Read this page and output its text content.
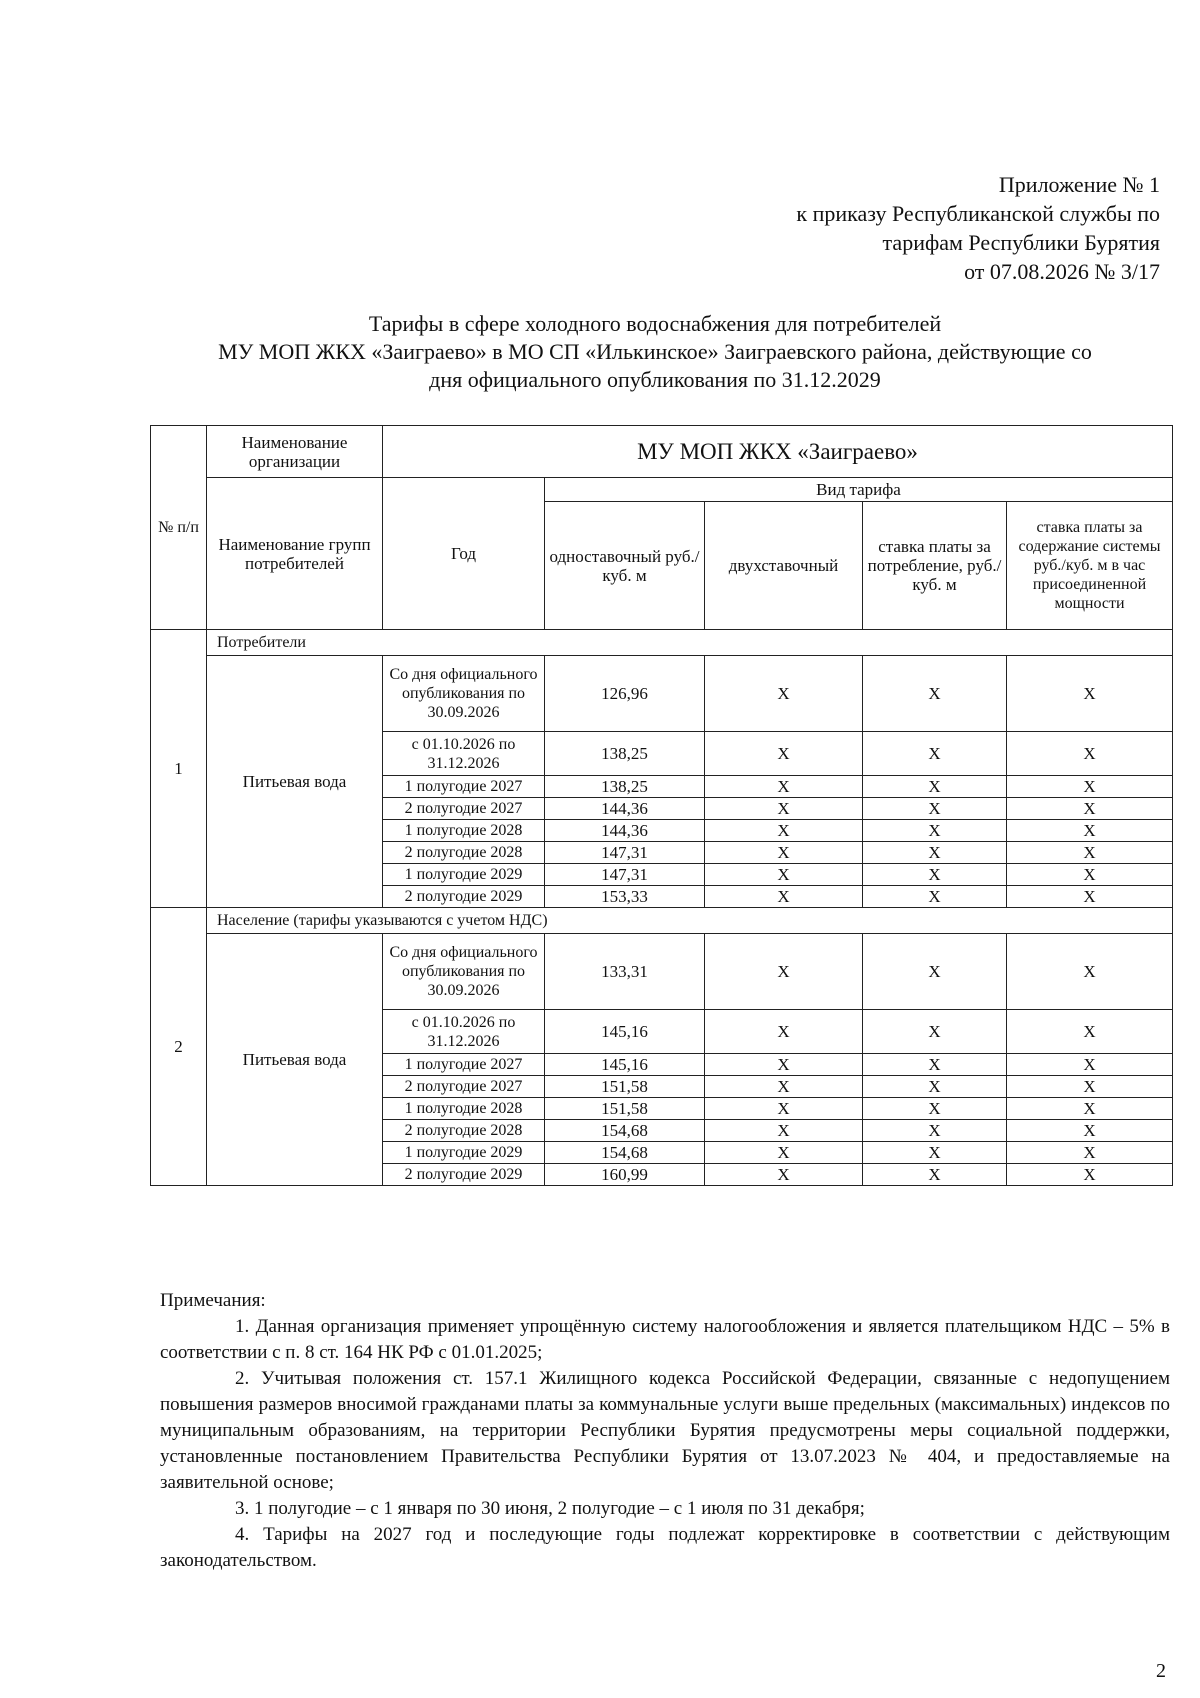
Приложение № 1
к приказу Республиканской службы по
тарифам Республики Бурятия
от 07.08.2026 № 3/17
Тарифы в сфере холодного водоснабжения для потребителей
МУ МОП ЖКХ «Заиграево» в МО СП «Илькинское» Заиграевского района, действующие со
дня официального опубликования по 31.12.2029
№ п/п	Наименование организации	МУ МОП ЖКХ «Заиграево»				
	Наименование групп потребителей	Год	Вид тарифа			
			одноставочный руб./ куб. м	двухставочный	ставка платы за потребление, руб./ куб. м	ставка платы за содержание системы руб./куб. м в час присоединенной мощности
1	Потребители					
	Питьевая вода	Со дня официального опубликования по 30.09.2026	126,96	X	X	X
		с 01.10.2026 по 31.12.2026	138,25	X	X	X
		1 полугодие 2027	138,25	X	X	X
		2 полугодие 2027	144,36	X	X	X
		1 полугодие 2028	144,36	X	X	X
		2 полугодие 2028	147,31	X	X	X
		1 полугодие 2029	147,31	X	X	X
		2 полугодие 2029	153,33	X	X	X
2	Население (тарифы указываются с учетом НДС)					
	Питьевая вода	Со дня официального опубликования по 30.09.2026	133,31	X	X	X
		с 01.10.2026 по 31.12.2026	145,16	X	X	X
		1 полугодие 2027	145,16	X	X	X
		2 полугодие 2027	151,58	X	X	X
		1 полугодие 2028	151,58	X	X	X
		2 полугодие 2028	154,68	X	X	X
		1 полугодие 2029	154,68	X	X	X
		2 полугодие 2029	160,99	X	X	X

Примечания:

1. Данная организация применяет упрощённую систему налогообложения и является плательщиком НДС – 5% в соответствии с п. 8 ст. 164 НК РФ с 01.01.2025;

2. Учитывая положения ст. 157.1 Жилищного кодекса Российской Федерации, связанные с недопущением повышения размеров вносимой гражданами платы за коммунальные услуги выше предельных (максимальных) индексов по муниципальным образованиям, на территории Республики Бурятия предусмотрены меры социальной поддержки, установленные постановлением Правительства Республики Бурятия от 13.07.2023 № 404, и предоставляемые на заявительной основе;

3. 1 полугодие – с 1 января по 30 июня, 2 полугодие – с 1 июля по 31 декабря;

4. Тарифы на 2027 год и последующие годы подлежат корректировке в соответствии с действующим законодательством.

2
